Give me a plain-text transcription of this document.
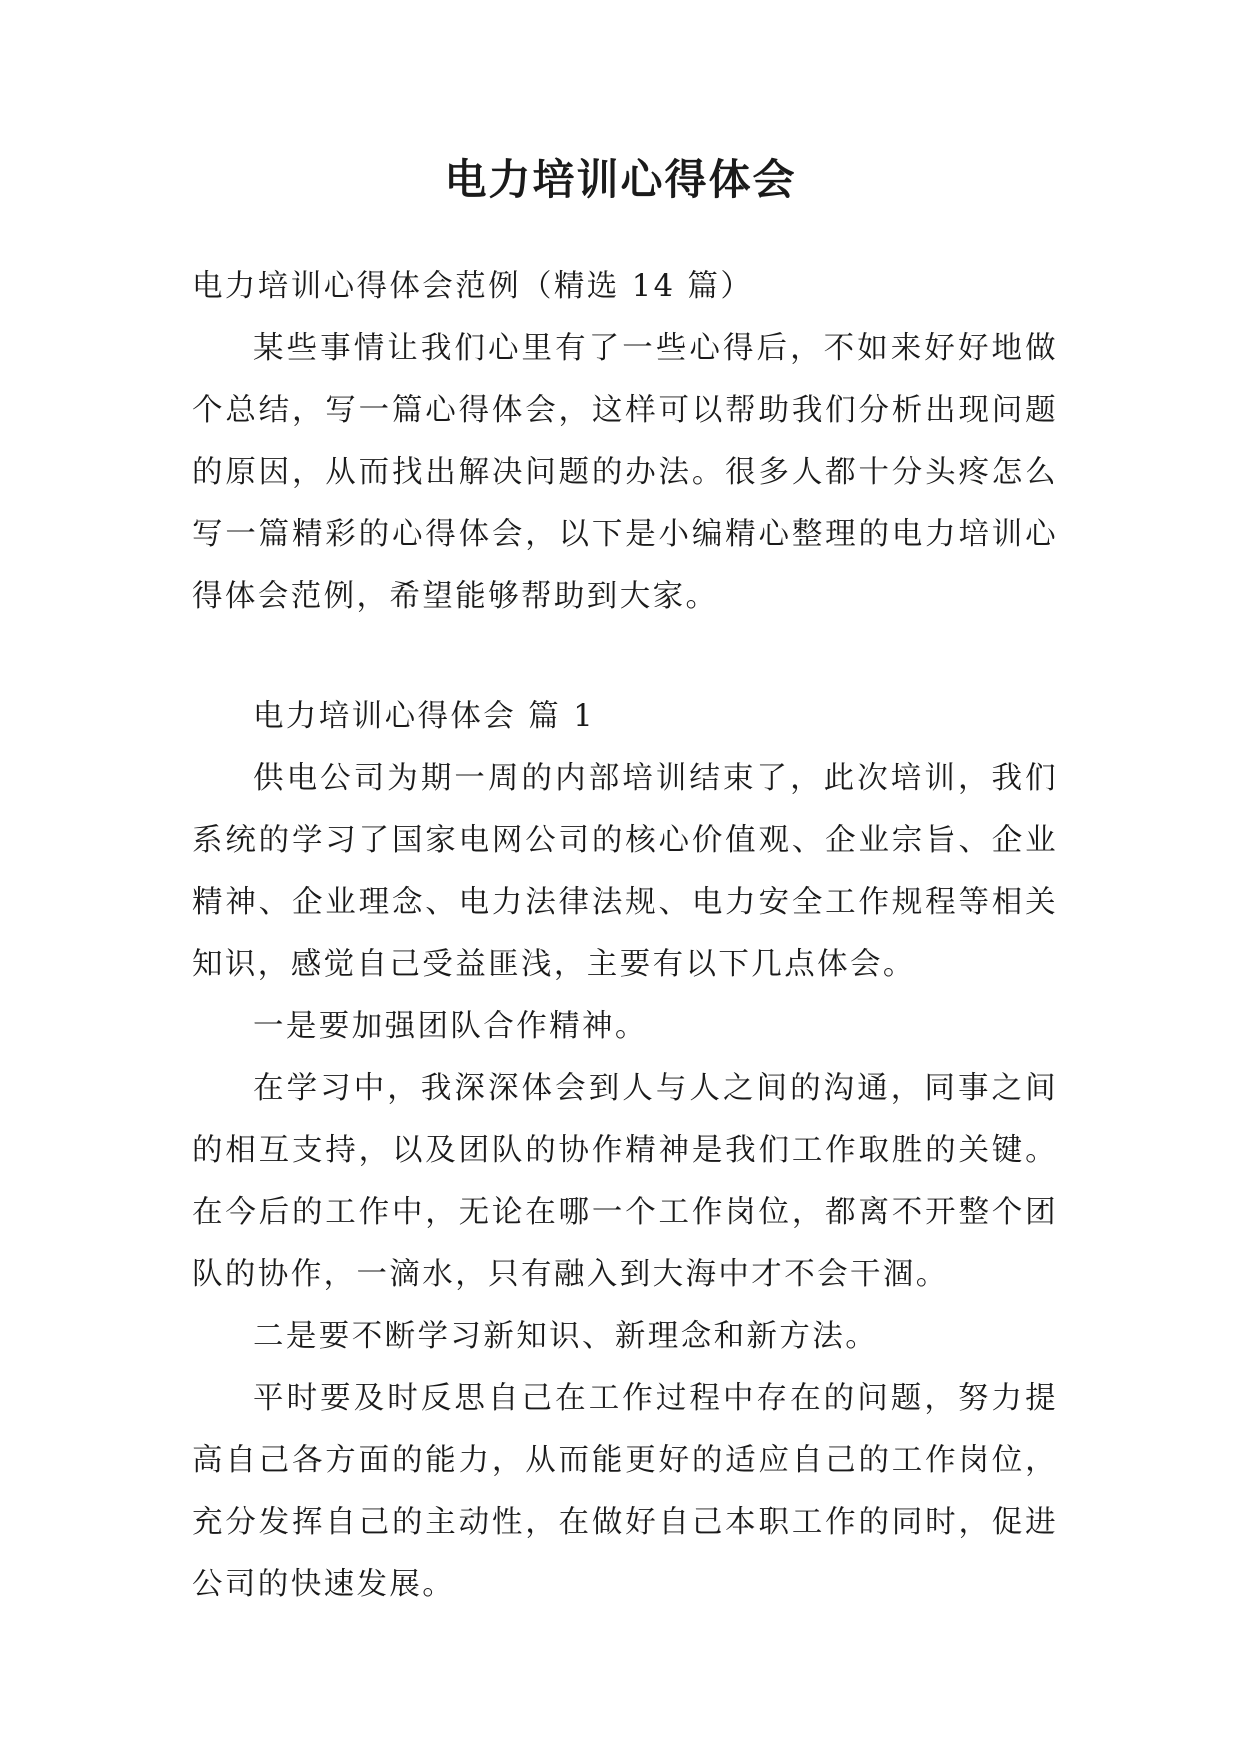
电力培训心得体会

电力培训心得体会范例（精选 14 篇）

某些事情让我们心里有了一些心得后，不如来好好地做个总结，写一篇心得体会，这样可以帮助我们分析出现问题的原因，从而找出解决问题的办法。很多人都十分头疼怎么写一篇精彩的心得体会，以下是小编精心整理的电力培训心得体会范例，希望能够帮助到大家。

电力培训心得体会 篇 1

供电公司为期一周的内部培训结束了，此次培训，我们系统的学习了国家电网公司的核心价值观、企业宗旨、企业精神、企业理念、电力法律法规、电力安全工作规程等相关知识，感觉自己受益匪浅，主要有以下几点体会。

一是要加强团队合作精神。

在学习中，我深深体会到人与人之间的沟通，同事之间的相互支持，以及团队的协作精神是我们工作取胜的关键。在今后的工作中，无论在哪一个工作岗位，都离不开整个团队的协作，一滴水，只有融入到大海中才不会干涸。

二是要不断学习新知识、新理念和新方法。

平时要及时反思自己在工作过程中存在的问题，努力提高自己各方面的能力，从而能更好的适应自己的工作岗位，充分发挥自己的主动性，在做好自己本职工作的同时，促进公司的快速发展。
